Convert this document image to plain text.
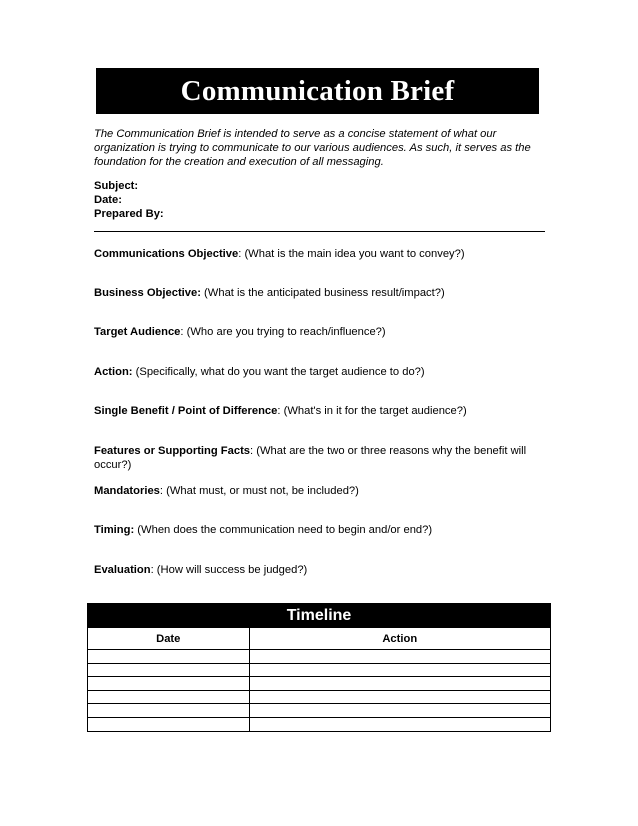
Communication Brief

The Communication Brief is intended to serve as a concise statement of what our organization is trying to communicate to our various audiences. As such, it serves as the foundation for the creation and execution of all messaging.

Subject:
Date:
Prepared By:

Communications Objective: (What is the main idea you want to convey?)

Business Objective: (What is the anticipated business result/impact?)

Target Audience: (Who are you trying to reach/influence?)

Action: (Specifically, what do you want the target audience to do?)

Single Benefit / Point of Difference: (What's in it for the target audience?)

Features or Supporting Facts: (What are the two or three reasons why the benefit will occur?)

Mandatories: (What must, or must not, be included?)

Timing: (When does the communication need to begin and/or end?)

Evaluation: (How will success be judged?)

Timeline
Date	Action
